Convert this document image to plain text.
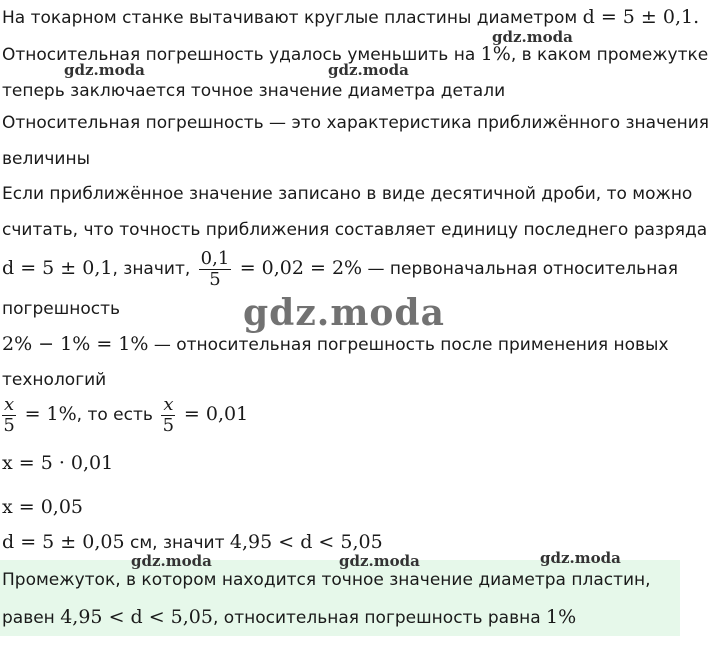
На токарном станке вытачивают круглые пластины диаметром d = 5 ± 0,1.
Относительная погрешность удалось уменьшить на 1%, в каком промежутке
теперь заключается точное значение диаметра детали
Относительная погрешность — это характеристика приближённого значения
величины
Если приближённое значение записано в виде десятичной дроби, то можно
считать, что точность приближения составляет единицу последнего разряда
d = 5 ± 0,1, значит, $\frac{0,1}{5} = 0,02 = 2\%$ — первоначальная относительная
погрешность
2% − 1% = 1% — относительная погрешность после применения новых
технологий
$\frac{x}{5} = 1\%$, то есть $\frac{x}{5} = 0,01$
x = 5 · 0,01
x = 0,05
d = 5 ± 0,05 см, значит 4,95 < d < 5,05
Промежуток, в котором находится точное значение диаметра пластин,
равен 4,95 < d < 5,05, относительная погрешность равна 1%
gdz.moda
gdz.moda	gdz.moda
gdz.moda
gdz.moda	gdz.moda	gdz.moda
